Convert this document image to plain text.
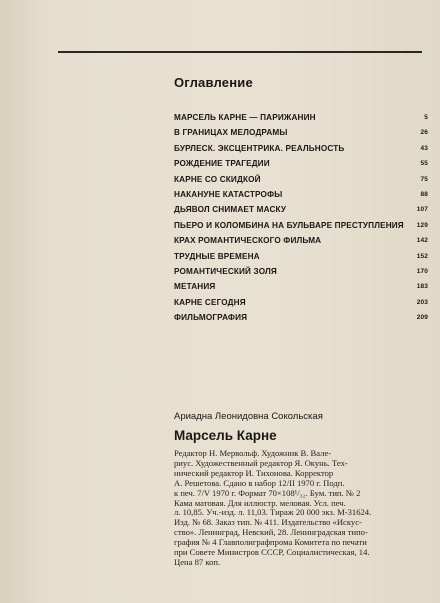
Оглавление
МАРСЕЛЬ КАРНЕ — ПАРИЖАНИН	5
В ГРАНИЦАХ МЕЛОДРАМЫ	26
БУРЛЕСК. ЭКСЦЕНТРИКА. РЕАЛЬНОСТЬ	43
РОЖДЕНИЕ ТРАГЕДИИ	55
КАРНЕ СО СКИДКОЙ	75
НАКАНУНЕ КАТАСТРОФЫ	88
ДЬЯВОЛ СНИМАЕТ МАСКУ	107
ПЬЕРО И КОЛОМБИНА НА БУЛЬВАРЕ ПРЕСТУПЛЕНИЯ 129
КРАХ РОМАНТИЧЕСКОГО ФИЛЬМА	142
ТРУДНЫЕ ВРЕМЕНА	152
РОМАНТИЧЕСКИЙ ЗОЛЯ	170
МЕТАНИЯ	183
КАРНЕ СЕГОДНЯ	203
ФИЛЬМОГРАФИЯ	209
Ариадна Леонидовна Сокольская
Марсель Карне
Редактор Н. Мервольф. Художник В. Вале-
риус. Художественный редактор Я. Окунь. Тех-
нический редактор И. Тихонова. Корректор
А. Решетова. Сдано в набор 12/II 1970 г. Подп.
к печ. 7/V 1970 г. Формат 70×108¹/₃₂. Бум. тип. № 2
Кама матовая. Для иллюстр. меловая. Усл. печ.
л. 10,85. Уч.-изд. л. 11,03. Тираж 20 000 экз. М-31624.
Изд. № 68. Заказ тип. № 411. Издательство «Искус-
ство». Ленинград, Невский, 28. Ленинградская типо-
графия № 4 Главполиграфпрома Комитета по печати
при Совете Министров СССР, Социалистическая, 14.
Цена 87 коп.
